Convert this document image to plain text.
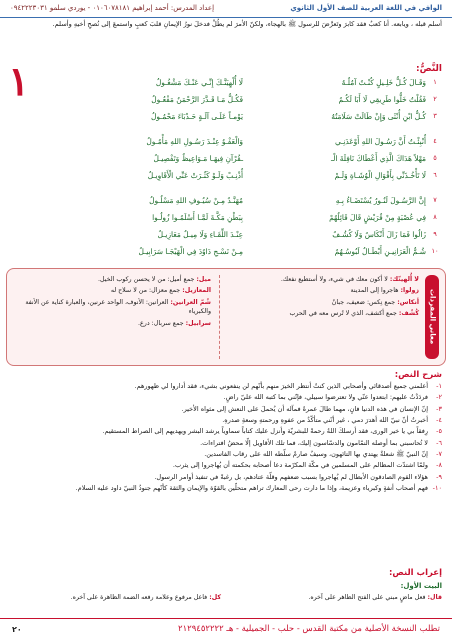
الوافي في اللغة العربية للصف الأول الثانوي
إعداد المدرس: أحمد إبراهيم ٠١٠٦٠٧٨١٨١ - يوردي سلمو ٠٩٤٢٢٢٣٠٣١

أسلم قبله ، ويابعه. أنا كعبٌ فقد كابرَ وتَعرَّضَ للرسول ﷺ بالهجاء، ولكنّ الأمرَ لم يطُلْ فدخلَ نورُ الإيمانِ قلبَ كعبٍ واستمعَ إلى نُصحِ أخيهِ وأسلم.

١	النَّصُّ:
١
وَقَـالَ كُـلُّ خَلِـيلٍ كُنْـتُ آمُلُـهُ
لَا أُلْهِيَنَّـكَ إِنِّـي عَنْـكَ مَشْغُـولُ
٢
فَقُلْتُ خَلُّوا طَرِيقِي لَا أَبَا لَكُـمُ
فَكُـلُّ مَـا قَـدَّرَ الرَّحْمَنُ مَفْعُـولُ
٣
كُـلُّ ابْنِ أُنْثَى وَإِنْ طَالَتْ سَلَامَتُهُ
يَوْمـاً عَلَـى آلَـةٍ حَـدْبَاءَ مَحْمُـولُ
٤
أُنْبِئْـتُ أَنَّ رَسُـولَ اللهِ أَوْعَدَنِـي
وَالْعَفْـوُ عِنْـدَ رَسُـولِ اللهِ مَأْمُـولُ
٥
مَهْلاً هَدَاكَ الَّذِي أَعْطَاكَ نَافِلَةَ الْـ
ـقُرْآنِ فِيهَـا مَـوَاعِيظٌ وَتَفْصِيـلُ
٦
لَا تَأْخُـذَنِّي بِأَقْوَالِ الْوُشَـاةِ وَلَـمْ
أُذْنِـبْ وَلَـوْ كَثُـرَتْ عَنِّي الْأَقَاوِيـلُ
٧
إِنَّ الرَّسُـولَ لَنُـورٌ يُسْتَضَـاءُ بِـهِ
مُهَنَّـدٌ مِـنْ سُيُـوفِ اللهِ مَسْلُـولُ
٨
فِي عُصْبَةٍ مِنْ قُرَيْشٍ قَالَ قَائِلُهُمْ
بِبَطْنِ مَكَّـةَ لَمَّـا أَسْلَمُـوا زُولُـوا
٩
زَالُوا فَمَا زَالَ أَنْكَاسٌ وَلَا كُشُـفٌ
عِنْـدَ اللِّقَـاءِ وَلَا مِيـلٌ مَعَازِيـلُ
١٠
شُـمُّ الْعَرَانِيـنِ أَبْطَـالٌ لَبُوسُـهُمُ
مِـنْ نَسْـجِ دَاوُدَ فِي الْهَيْجَـا سَرَابِيـلُ
معاني المفردات

لا أُلهينّك: لا أكون معك في شيء، ولا أستطيع نفعك.

زولوا: هاجروا إلى المدينة

أنكاس: جمع نِكس: ضعيف، جبانٌ

كُشُف: جمع أكشف، الذي لا تُرس معه في الحرب

ميل: جمع أميل: من لا يحسن ركوب الخيل.

المعازيل: جمع معزال: من لا سلاح له

شُمّ العرانين: العرانين: الأنوف، الواحد عرنين، والعبارة كناية عن الأنفة والكبرياء

سرابيل: جمع سربال: درع.

شرح النص:
١-
أعلمني جميع أصدقائي وأصحابي الذين كنتُ أنتظر الخيرَ منهم بأنّهم لن ينفعوني بشيء، فقد أداروا لي ظهورهم.
٢-
فردَدْتُ عليهم: ابتعدوا عنّي ولا تعترضوا سبيلي، فإنّني بما كتبه الله عليّ راضٍ.
٣-
إنّ الإنسان في هذه الدنيا فانٍ، مهما طالَ عمرهُ فمآله أن يُحملَ على النعش إلى مثواه الأخير.
٤-
أخبرتُ أنّ نبيّ الله أهدرَ دمي ، غير أنّني متأكّدٌ من عفوهِ ورحمتهِ وسعةِ صدرهِ.
٥-
رِفقاً بي يا خير الورى، فقد أرسلكَ اللهُ رحمةً للبشريّة وأنزل عليك كتاباً سماوياً يرشد البشر ويهديهم إلى الصراط المستقيم.
٦-
لا تُحاسبني بما أوصله النمّامون والدسّاسون إليك، فما تلك الأقاويل إلّا محضُ افتراءات.
٧-
إنّ النبيّ ﷺ شعلةٌ يهتدي بها التائهون، وسيفٌ صارمٌ سلّطه الله على رقاب الفاسدين.
٨-
ولمّا اشتدّت المظالم على المسلمين في مكّة المكرّمة دعا أصحابه بحكمته أن يُهاجروا إلى يثرب.
٩-
هؤلاء القوم الصادقون الأبطال لم يُهاجروا بسبب ضعفهم وقلّة عتادهم، بل رغبةً في تنفيذ أوامر الرسول.
١٠-
فهم أصحاب أنفةٍ وكبرياء وعزيمة، وإذا ما دارت رحى المعارك تراهم متحلّين بالقوّة والإيمان والثقة كأنّهم جنودُ النبيّ داود عليه السلام.
إعراب النص:
البيت الأول:
قال: فعل ماضٍ مبني على الفتح الظاهر على آخره.
كل: فاعل مرفوع وعلامة رفعه الضمة الظاهرة على آخره.
تطلب النسخة الأصلية من مكتبة القدس - حلب - الجميلية - هـ ٢١٢٩٤٥٢٢٢٢
٢٠
